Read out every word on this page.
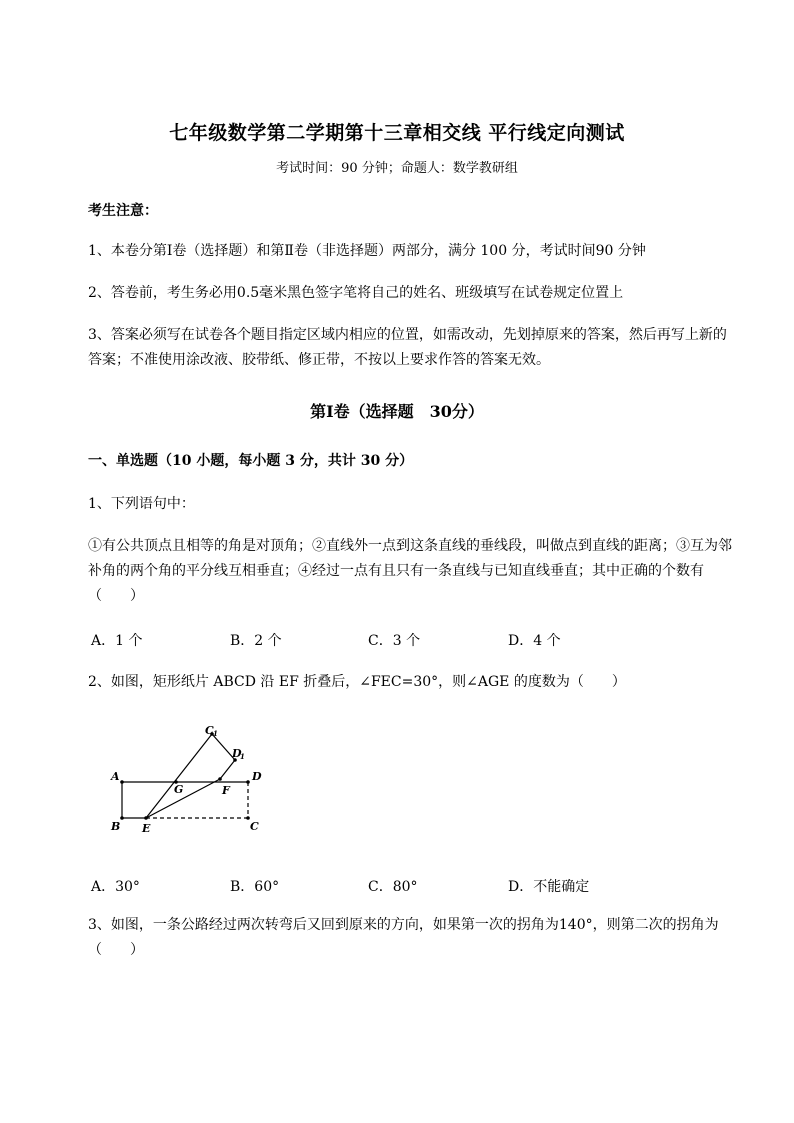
七年级数学第二学期第十三章相交线 平行线定向测试
考试时间：90 分钟；命题人：数学教研组
考生注意：
1、本卷分第Ⅰ卷（选择题）和第Ⅱ卷（非选择题）两部分，满分 100 分，考试时间90 分钟
2、答卷前，考生务必用0.5毫米黑色签字笔将自己的姓名、班级填写在试卷规定位置上
3、答案必须写在试卷各个题目指定区域内相应的位置，如需改动，先划掉原来的答案，然后再写上新的答案；不准使用涂改液、胶带纸、修正带，不按以上要求作答的答案无效。
第Ⅰ卷（选择题　30分）
一、单选题（10 小题，每小题 3 分，共计 30 分）
1、下列语句中：
①有公共顶点且相等的角是对顶角；②直线外一点到这条直线的垂线段，叫做点到直线的距离；③互为邻补角的两个角的平分线互相垂直；④经过一点有且只有一条直线与已知直线垂直；其中正确的个数有（　　）
A．1 个	B．2 个	C．3 个	D．4 个
2、如图，矩形纸片 ABCD 沿 EF 折叠后，∠FEC=30°，则∠AGE 的度数为（　　）
A
B
D
C
E
F
G
C 1
D
1
A．30°	B．60°	C．80°	D．不能确定
3、如图，一条公路经过两次转弯后又回到原来的方向，如果第一次的拐角为140°，则第二次的拐角为（　　）
